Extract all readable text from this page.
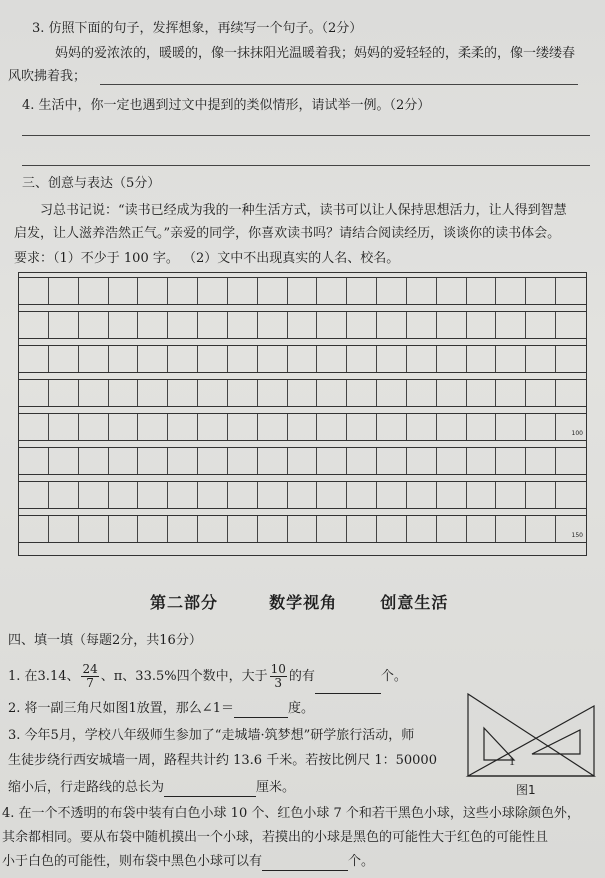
3. 仿照下面的句子，发挥想象，再续写一个句子。（2分）
妈妈的爱浓浓的，暖暖的，像一抹抹阳光温暖着我；妈妈的爱轻轻的，柔柔的，像一缕缕春
风吹拂着我；
4. 生活中，你一定也遇到过文中提到的类似情形，请试举一例。（2分）
三、创意与表达（5分）
习总书记说：“读书已经成为我的一种生活方式，读书可以让人保持思想活力，让人得到智慧
启发，让人滋养浩然正气。”亲爱的同学，你喜欢读书吗？请结合阅读经历，谈谈你的读书体会。
要求：（1）不少于 100 字。 （2）文中不出现真实的人名、校名。
100
150
第二部分	数学视角	创意生活
四、填一填（每题2分，共16分）
1. 在3.14、 $\frac{24}{7}$ 、π、33.5%四个数中，大于 $\frac{10}{3}$ 的有	个。
2. 将一副三角尺如图1放置，那么∠1＝	度。
3. 今年5月，学校八年级师生参加了“走城墙·筑梦想”研学旅行活动，师
生徒步绕行西安城墙一周，路程共计约 13.6 千米。若按比例尺 1：50000
缩小后，行走路线的总长为	厘米。
4. 在一个不透明的布袋中装有白色小球 10 个、红色小球 7 个和若干黑色小球，这些小球除颜色外，
其余都相同。要从布袋中随机摸出一个小球，若摸出的小球是黑色的可能性大于红色的可能性且
小于白色的可能性，则布袋中黑色小球可以有	个。
1
图1
